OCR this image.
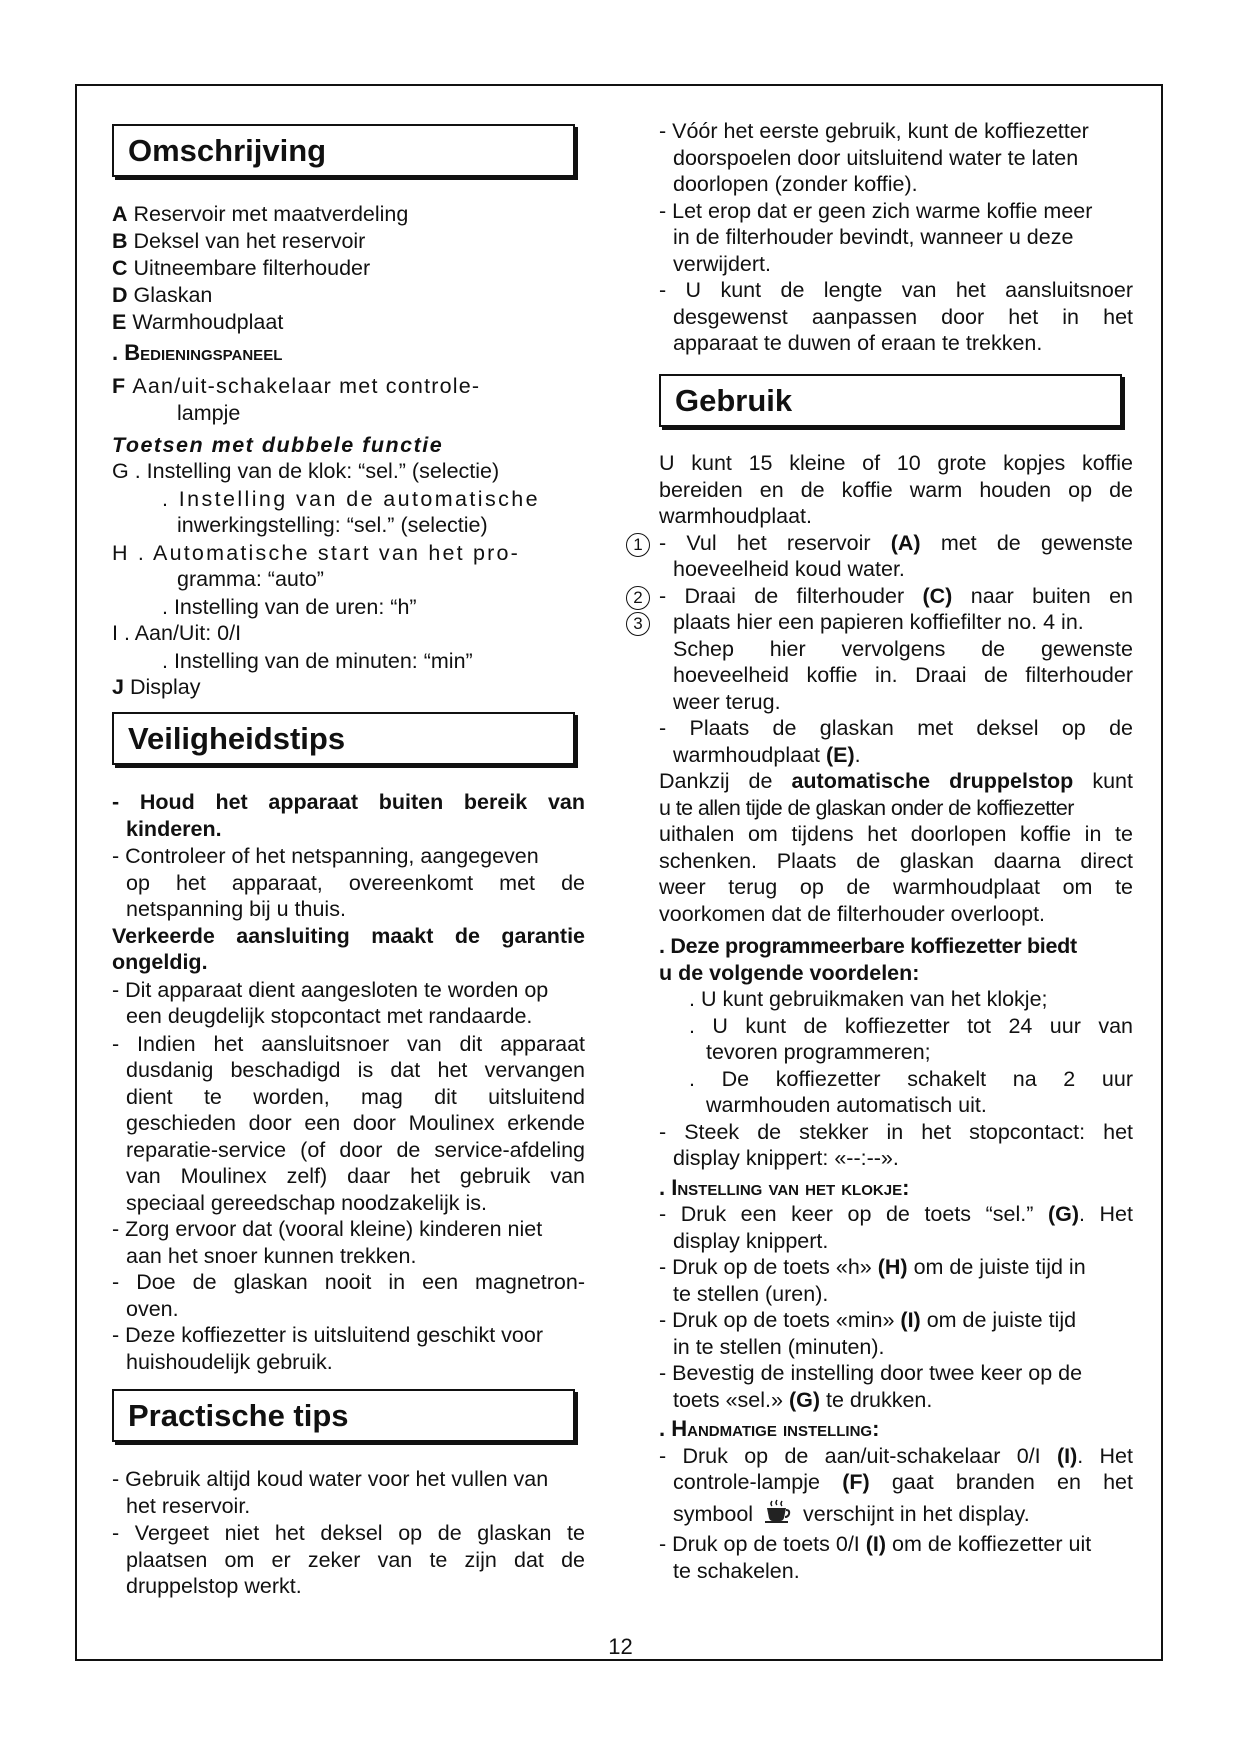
Omschrijving

A Reservoir met maatverdeling

B Deksel van het reservoir

C Uitneembare filterhouder

D Glaskan

E Warmhoudplaat

. Bedieningspaneel

F Aan/uit-schakelaar met controle-

lampje

Toetsen met dubbele functie

G . Instelling van de klok: “sel.” (selectie)

. Instelling van de automatische

inwerkingstelling: “sel.” (selectie)

H . Automatische start van het pro-

gramma: “auto”

. Instelling van de uren: “h”

I . Aan/Uit: 0/I

. Instelling van de minuten: “min”

J Display

Veiligheidstips

- Houd het apparaat buiten bereik van

kinderen.

- Controleer of het netspanning, aangegeven

op het apparaat, overeenkomt met de

netspanning bij u thuis.

Verkeerde aansluiting maakt de garantie

ongeldig.

- Dit apparaat dient aangesloten te worden op

een deugdelijk stopcontact met randaarde.

- Indien het aansluitsnoer van dit apparaat

dusdanig beschadigd is dat het vervangen

dient te worden, mag dit uitsluitend

geschieden door een door Moulinex erkende

reparatie-service (of door de service-afdeling

van Moulinex zelf) daar het gebruik van

speciaal gereedschap noodzakelijk is.

- Zorg ervoor dat (vooral kleine) kinderen niet

aan het snoer kunnen trekken.

- Doe de glaskan nooit in een magnetron-

oven.

- Deze koffiezetter is uitsluitend geschikt voor

huishoudelijk gebruik.

Practische tips

- Gebruik altijd koud water voor het vullen van

het reservoir.

- Vergeet niet het deksel op de glaskan te

plaatsen om er zeker van te zijn dat de

druppelstop werkt.

- Vóór het eerste gebruik, kunt de koffiezetter

doorspoelen door uitsluitend water te laten

doorlopen (zonder koffie).

- Let erop dat er geen zich warme koffie meer

in de filterhouder bevindt, wanneer u deze

verwijdert.

- U kunt de lengte van het aansluitsnoer

desgewenst aanpassen door het in het

apparaat te duwen of eraan te trekken.

Gebruik

U kunt 15 kleine of 10 grote kopjes koffie

bereiden en de koffie warm houden op de

warmhoudplaat.

1 - Vul het reservoir (A) met de gewenste

hoeveelheid koud water.

2
3

- Draai de filterhouder (C) naar buiten en

plaats hier een papieren koffiefilter no. 4 in.

Schep hier vervolgens de gewenste

hoeveelheid koffie in. Draai de filterhouder

weer terug.

- Plaats de glaskan met deksel op de

warmhoudplaat (E).

Dankzij de automatische druppelstop kunt

u te allen tijde de glaskan onder de koffiezetter

uithalen om tijdens het doorlopen koffie in te

schenken. Plaats de glaskan daarna direct

weer terug op de warmhoudplaat om te

voorkomen dat de filterhouder overloopt.

. Deze programmeerbare koffiezetter biedt

u de volgende voordelen:

. U kunt gebruikmaken van het klokje;

. U kunt de koffiezetter tot 24 uur van

tevoren programmeren;

. De koffiezetter schakelt na 2 uur

warmhouden automatisch uit.

- Steek de stekker in het stopcontact: het

display knippert: «--:--».

. Instelling van het klokje:

- Druk een keer op de toets “sel.” (G). Het

display knippert.

- Druk op de toets «h» (H) om de juiste tijd in

te stellen (uren).

- Druk op de toets «min» (I) om de juiste tijd

in te stellen (minuten).

- Bevestig de instelling door twee keer op de

toets «sel.» (G) te drukken.

. Handmatige instelling:

- Druk op de aan/uit-schakelaar 0/I (I). Het

controle-lampje (F) gaat branden en het

symbool verschijnt in het display.

- Druk op de toets 0/I (I) om de koffiezetter uit

te schakelen.

12
